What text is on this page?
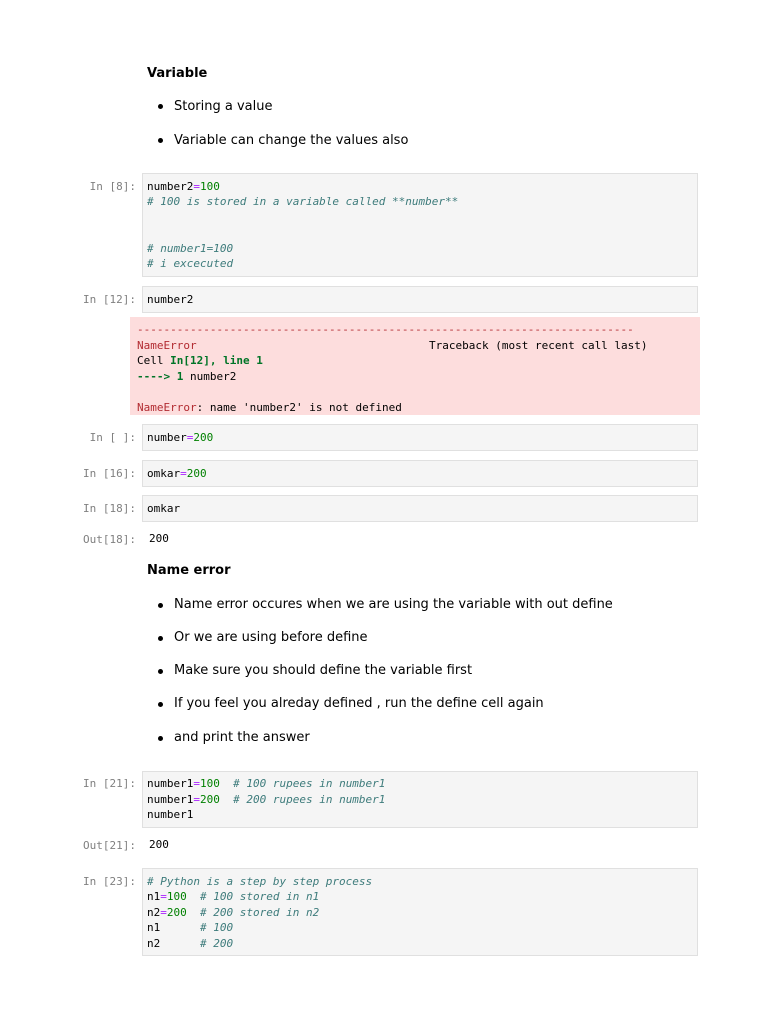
Variable
Storing a value
Variable can change the values also
In [8]: number2=100
# 100 is stored in a variable called **number**
# number1=100
# i excecuted
In [12]: number2
---------------------------------------------------------------------------
NameError	Traceback (most recent call last)
Cell In[12], line 1
----> 1 number2
NameError: name 'number2' is not defined
In [ ]: number=200
In [16]: omkar=200
In [18]: omkar
Out[18]: 200
Name error
Name error occures when we are using the variable with out define
Or we are using before define
Make sure you should define the variable first
If you feel you alreday defined , run the define cell again
and print the answer
In [21]: number1=100  # 100 rupees in number1
number1=200  # 200 rupees in number1
number1
Out[21]: 200
In [23]: # Python is a step by step process
n1=100  # 100 stored in n1
n2=200  # 200 stored in n2
n1      # 100
n2      # 200
